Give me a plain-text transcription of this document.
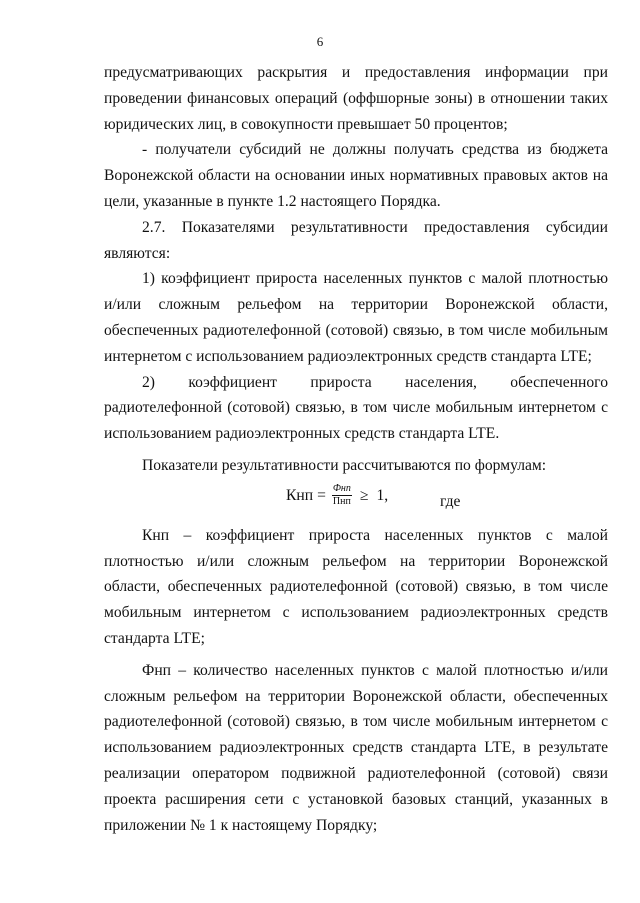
6

предусматривающих раскрытия и предоставления информации при проведении финансовых операций (оффшорные зоны) в отношении таких юридических лиц, в совокупности превышает 50 процентов;

- получатели субсидий не должны получать средства из бюджета Воронежской области на основании иных нормативных правовых актов на цели, указанные в пункте 1.2 настоящего Порядка.

2.7. Показателями результативности предоставления субсидии являются:

1) коэффициент прироста населенных пунктов с малой плотностью и/или сложным рельефом на территории Воронежской области, обеспеченных радиотелефонной (сотовой) связью, в том числе мобильным интернетом с использованием радиоэлектронных средств стандарта LTE;

2) коэффициент прироста населения, обеспеченного радиотелефонной (сотовой) связью, в том числе мобильным интернетом с использованием радиоэлектронных средств стандарта LTE.

Показатели результативности рассчитываются по формулам:

Кнп = $\frac{\text{Фнп}}{\text{Пнп}} \ge 1$,	где

Кнп – коэффициент прироста населенных пунктов с малой плотностью и/или сложным рельефом на территории Воронежской области, обеспеченных радиотелефонной (сотовой) связью, в том числе мобильным интернетом с использованием радиоэлектронных средств стандарта LTE;

Фнп – количество населенных пунктов с малой плотностью и/или сложным рельефом на территории Воронежской области, обеспеченных радиотелефонной (сотовой) связью, в том числе мобильным интернетом с использованием радиоэлектронных средств стандарта LTE, в результате реализации оператором подвижной радиотелефонной (сотовой) связи проекта расширения сети с установкой базовых станций, указанных в приложении № 1 к настоящему Порядку;
